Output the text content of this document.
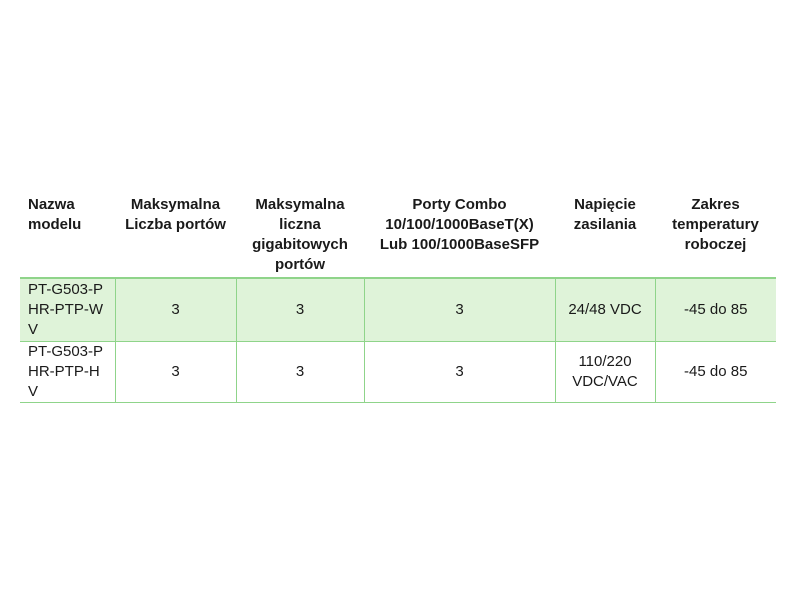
Nazwa modelu	Maksymalna Liczba portów	Maksymalna liczna gigabitowych portów	Porty Combo 10/100/1000BaseT(X) Lub 100/1000BaseSFP	Napięcie zasilania	Zakres temperatury roboczej

PT-G503-PHR-PTP-WV	3	3	3	24/48 VDC	-45 do 85

PT-G503-PHR-PTP-HV	3	3	3	110/220 VDC/VAC	-45 do 85
